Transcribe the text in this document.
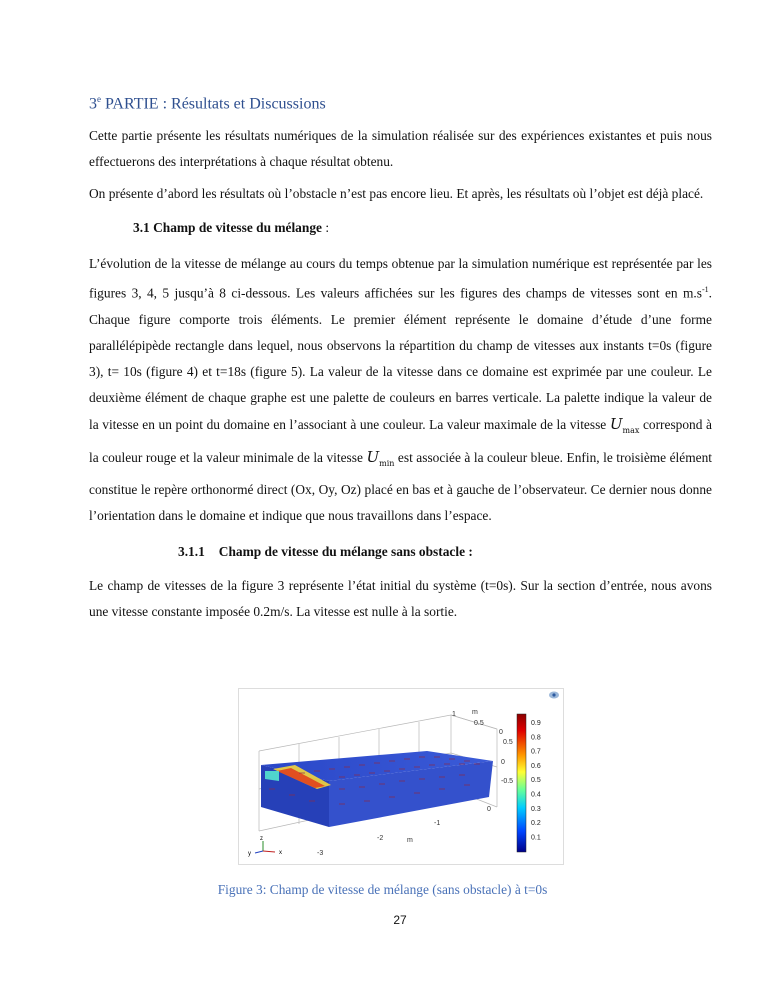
3e PARTIE : Résultats et Discussions

Cette partie présente les résultats numériques de la simulation réalisée sur des expériences existantes et puis nous effectuerons des interprétations à chaque résultat obtenu.

On présente d’abord les résultats où l’obstacle n’est pas encore lieu. Et après, les résultats où l’objet est déjà placé.

3.1 Champ de vitesse du mélange :

L’évolution de la vitesse de mélange au cours du temps obtenue par la simulation numérique est représentée par les figures 3, 4, 5 jusqu’à 8 ci-dessous. Les valeurs affichées sur les figures des champs de vitesses sont en $m.s^{-1}$. Chaque figure comporte trois éléments. Le premier élément représente le domaine d’étude d’une forme parallélépipède rectangle dans lequel, nous observons la répartition du champ de vitesses aux instants t=0s (figure 3), t= 10s (figure 4) et t=18s (figure 5). La valeur de la vitesse dans ce domaine est exprimée par une couleur. Le deuxième élément de chaque graphe est une palette de couleurs en barres verticale. La palette indique la valeur de la vitesse en un point du domaine en l’associant à une couleur. La valeur maximale de la vitesse $U_{max}$ correspond à la couleur rouge et la valeur minimale de la vitesse $U_{min}$ est associée à la couleur bleue. Enfin, le troisième élément constitue le repère orthonormé direct (Ox, Oy, Oz) placé en bas et à gauche de l’observateur. Ce dernier nous donne l’orientation dans le domaine et indique que nous travaillons dans l’espace.

3.1.1 Champ de vitesse du mélange sans obstacle :

Le champ de vitesses de la figure 3 représente l’état initial du système (t=0s). Sur la section d’entrée, nous avons une vitesse constante imposée 0.2m/s. La vitesse est nulle à la sortie.

m
1
0.5
0
0.5
0
-0.5
0
-1
-2	m
-3
0.9
0.8
0.7
0.6
0.5
0.4
0.3
0.2
0.1
z
y	x
Figure 3: Champ de vitesse de mélange (sans obstacle) à t=0s
27
